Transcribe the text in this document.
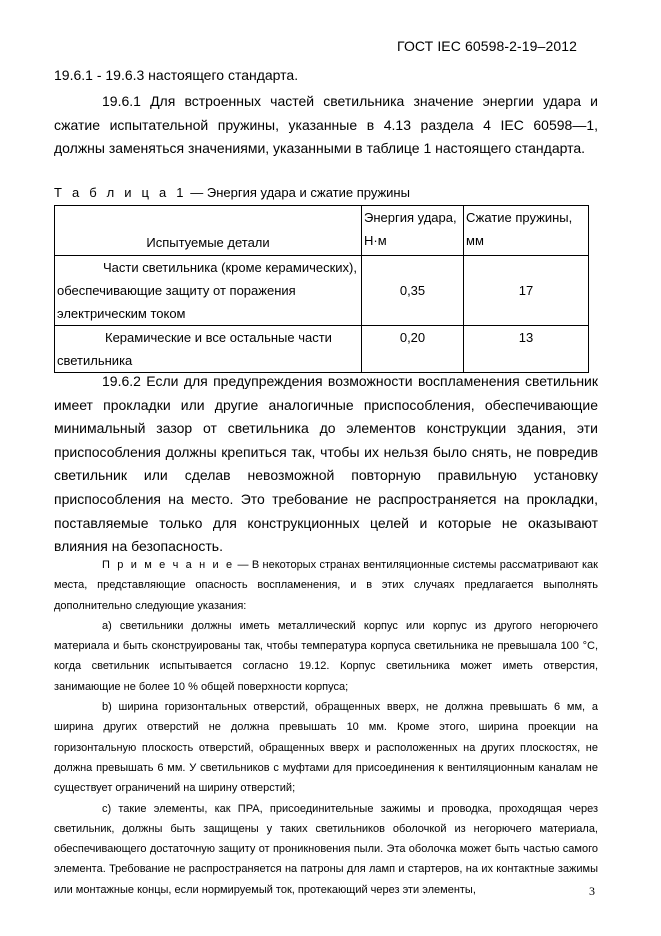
ГОСТ IEC 60598-2-19–2012
19.6.1 - 19.6.3 настоящего стандарта.
19.6.1 Для встроенных частей светильника значение энергии удара и сжатие испытательной пружины, указанные в 4.13 раздела 4 IEC 60598—1, должны заменяться значениями, указанными в таблице 1 настоящего стандарта.
Т а б л и ц а 1 — Энергия удара и сжатие пружины
Испытуемые детали	Энергия удара, Н·м	Сжатие пружины, мм
Части светильника (кроме керамических), обеспечивающие защиту от поражения электрическим током	0,35	17
Керамические и все остальные части светильника	0,20	13
19.6.2 Если для предупреждения возможности воспламенения светильник имеет прокладки или другие аналогичные приспособления, обеспечивающие минимальный зазор от светильника до элементов конструкции здания, эти приспособления должны крепиться так, чтобы их нельзя было снять, не повредив светильник или сделав невозможной повторную правильную установку приспособления на место. Это требование не распространяется на прокладки, поставляемые только для конструкционных целей и которые не оказывают влияния на безопасность.

П р и м е ч а н и е — В некоторых странах вентиляционные системы рассматривают как места, представляющие опасность воспламенения, и в этих случаях предлагается выполнять дополнительно следующие указания:

а) светильники должны иметь металлический корпус или корпус из другого негорючего материала и быть сконструированы так, чтобы температура корпуса светильника не превышала 100 °С, когда светильник испытывается согласно 19.12. Корпус светильника может иметь отверстия, занимающие не более 10 % общей поверхности корпуса;

b) ширина горизонтальных отверстий, обращенных вверх, не должна превышать 6 мм, а ширина других отверстий не должна превышать 10 мм. Кроме этого, ширина проекции на горизонтальную плоскость отверстий, обращенных вверх и расположенных на других плоскостях, не должна превышать 6 мм. У светильников с муфтами для присоединения к вентиляционным каналам не существует ограничений на ширину отверстий;

с) такие элементы, как ПРА, присоединительные зажимы и проводка, проходящая через светильник, должны быть защищены у таких светильников оболочкой из негорючего материала, обеспечивающего достаточную защиту от проникновения пыли. Эта оболочка может быть частью самого элемента. Требование не распространяется на патроны для ламп и стартеров, на их контактные зажимы или монтажные концы, если нормируемый ток, протекающий через эти элементы,	3
